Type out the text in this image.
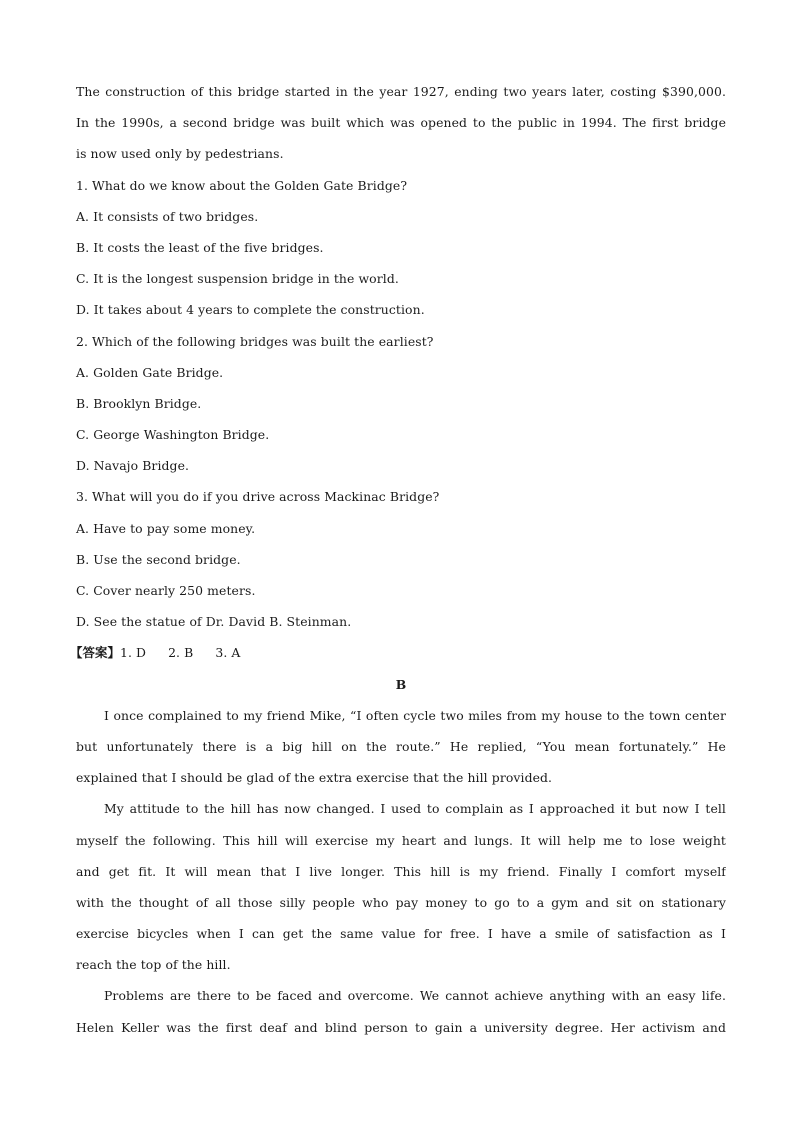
The construction of this bridge started in the year 1927, ending two years later, costing $390,000.
In the 1990s, a second bridge was built which was opened to the public in 1994. The first bridge
is now used only by pedestrians.
1. What do we know about the Golden Gate Bridge?
A. It consists of two bridges.
B. It costs the least of the five bridges.
C. It is the longest suspension bridge in the world.
D. It takes about 4 years to complete the construction.
2. Which of the following bridges was built the earliest?
A. Golden Gate Bridge.
B. Brooklyn Bridge.
C. George Washington Bridge.
D. Navajo Bridge.
3. What will you do if you drive across Mackinac Bridge?
A. Have to pay some money.
B. Use the second bridge.
C. Cover nearly 250 meters.
D. See the statue of Dr. David B. Steinman.
【答案】1. D 2. B 3. A
B
I once complained to my friend Mike, “I often cycle two miles from my house to the town center
but unfortunately there is a big hill on the route.” He replied, “You mean fortunately.” He
explained that I should be glad of the extra exercise that the hill provided.
My attitude to the hill has now changed. I used to complain as I approached it but now I tell
myself the following. This hill will exercise my heart and lungs. It will help me to lose weight
and get fit. It will mean that I live longer. This hill is my friend. Finally I comfort myself
with the thought of all those silly people who pay money to go to a gym and sit on stationary
exercise bicycles when I can get the same value for free. I have a smile of satisfaction as I
reach the top of the hill.
Problems are there to be faced and overcome. We cannot achieve anything with an easy life.
Helen Keller was the first deaf and blind person to gain a university degree. Her activism and
